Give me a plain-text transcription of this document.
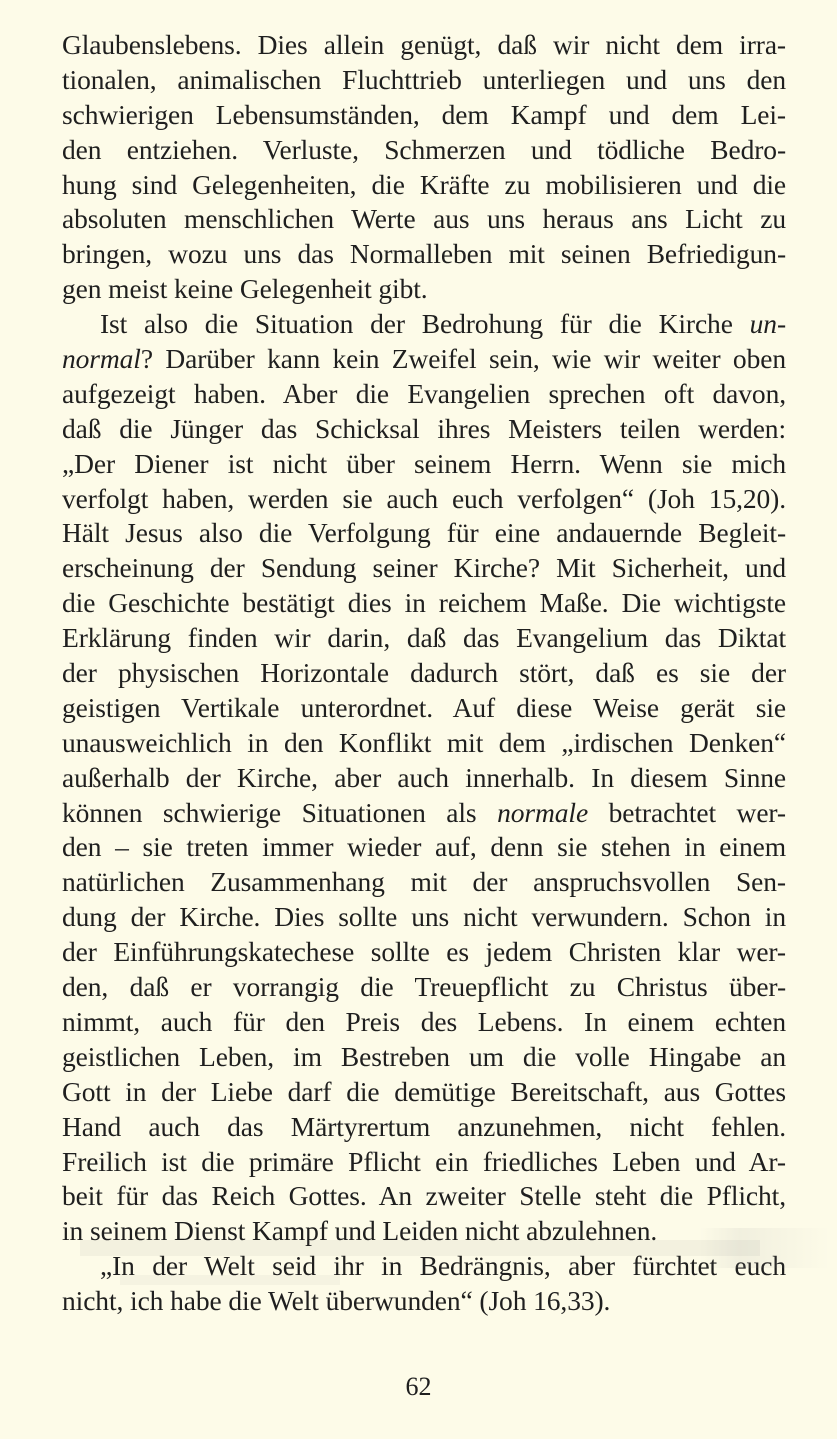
Glaubenslebens. Dies allein genügt, daß wir nicht dem irra-
tionalen, animalischen Fluchttrieb unterliegen und uns den
schwierigen Lebensumständen, dem Kampf und dem Lei-
den entziehen. Verluste, Schmerzen und tödliche Bedro-
hung sind Gelegenheiten, die Kräfte zu mobilisieren und die
absoluten menschlichen Werte aus uns heraus ans Licht zu
bringen, wozu uns das Normalleben mit seinen Befriedigun-
gen meist keine Gelegenheit gibt.
Ist also die Situation der Bedrohung für die Kirche un-
normal? Darüber kann kein Zweifel sein, wie wir weiter oben
aufgezeigt haben. Aber die Evangelien sprechen oft davon,
daß die Jünger das Schicksal ihres Meisters teilen werden:
„Der Diener ist nicht über seinem Herrn. Wenn sie mich
verfolgt haben, werden sie auch euch verfolgen“ (Joh 15,20).
Hält Jesus also die Verfolgung für eine andauernde Begleit-
erscheinung der Sendung seiner Kirche? Mit Sicherheit, und
die Geschichte bestätigt dies in reichem Maße. Die wichtigste
Erklärung finden wir darin, daß das Evangelium das Diktat
der physischen Horizontale dadurch stört, daß es sie der
geistigen Vertikale unterordnet. Auf diese Weise gerät sie
unausweichlich in den Konflikt mit dem „irdischen Denken“
außerhalb der Kirche, aber auch innerhalb. In diesem Sinne
können schwierige Situationen als normale betrachtet wer-
den – sie treten immer wieder auf, denn sie stehen in einem
natürlichen Zusammenhang mit der anspruchsvollen Sen-
dung der Kirche. Dies sollte uns nicht verwundern. Schon in
der Einführungskatechese sollte es jedem Christen klar wer-
den, daß er vorrangig die Treuepflicht zu Christus über-
nimmt, auch für den Preis des Lebens. In einem echten
geistlichen Leben, im Bestreben um die volle Hingabe an
Gott in der Liebe darf die demütige Bereitschaft, aus Gottes
Hand auch das Märtyrertum anzunehmen, nicht fehlen.
Freilich ist die primäre Pflicht ein friedliches Leben und Ar-
beit für das Reich Gottes. An zweiter Stelle steht die Pflicht,
in seinem Dienst Kampf und Leiden nicht abzulehnen.
„In der Welt seid ihr in Bedrängnis, aber fürchtet euch
nicht, ich habe die Welt überwunden“ (Joh 16,33).
62
